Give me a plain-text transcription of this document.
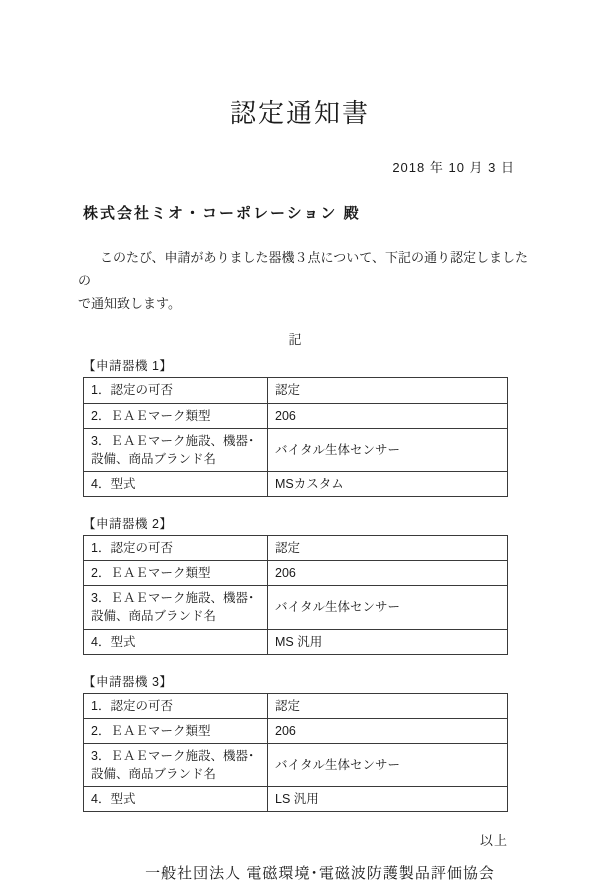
認定通知書

2018 年 10 月 3 日

株式会社ミオ・コーポレーション 殿

このたび、申請がありました器機３点について、下記の通り認定しましたの
で通知致します。

記

【申請器機 1】
1．認定の可否	認定
2．ＥＡＥマーク類型	206
3．ＥＡＥマーク施設、機器･設備、商品ブランド名	バイタル生体センサー
4．型式	MSカスタム
【申請器機 2】
1．認定の可否	認定
2．ＥＡＥマーク類型	206
3．ＥＡＥマーク施設、機器･設備、商品ブランド名	バイタル生体センサー
4．型式	MS 汎用
【申請器機 3】
1．認定の可否	認定
2．ＥＡＥマーク類型	206
3．ＥＡＥマーク施設、機器･設備、商品ブランド名	バイタル生体センサー
4．型式	LS 汎用

以上

一般社団法人 電磁環境･電磁波防護製品評価協会
